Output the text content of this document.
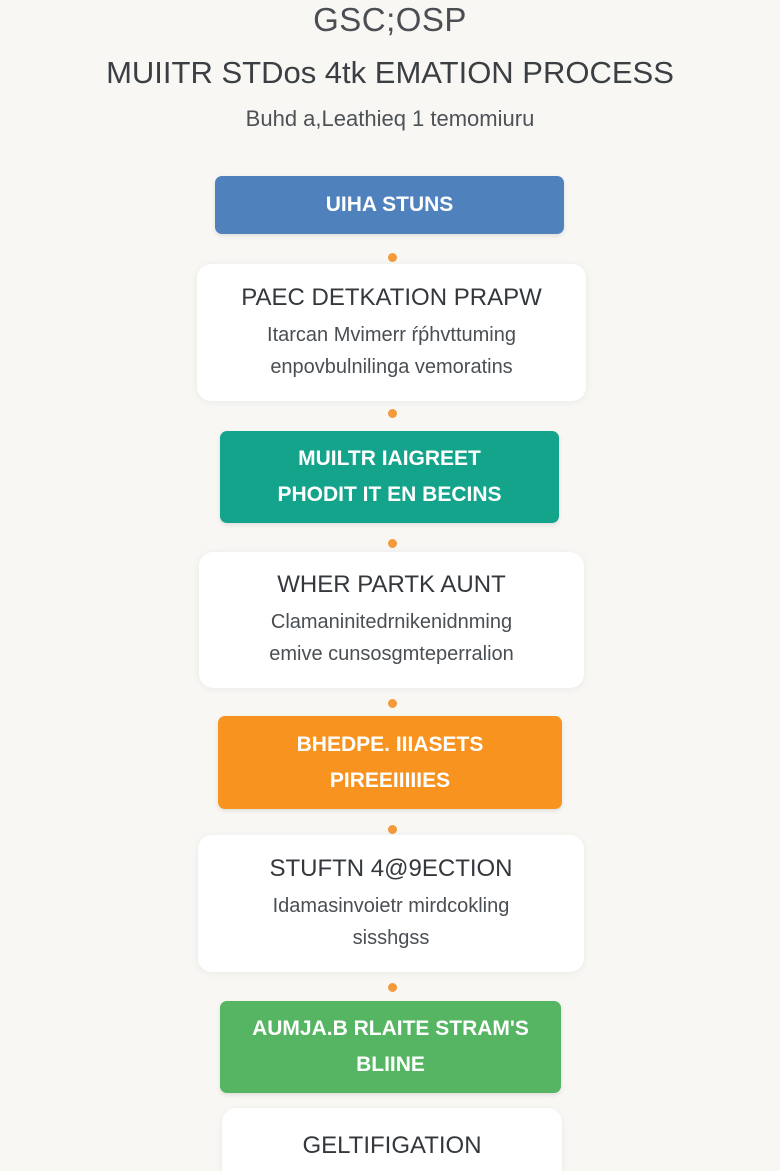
GSC;OSP
MUIITR STDos 4tk EMATION PROCESS
Buhd a,Leathieq 1 temomiuru
UIHA STUNS
PAEC DETKATION PRAPW
Itarcan Mvimerr ŕṕhvttuming
enpovbulnilinga vemoratins
MUILTR IAIGREET
PHODIT IT EN BECINS
WHER PARTK AUNT
Clamaninitedrnikenidnming
emive cunsosgmteperralion
BHEDPE. IIIASETS
PIREEIIIIIES
STUFTN 4@9ECTION
Idamasinvoietr mirdcokling
sisshgss
AUMJA.B RLAITE STRAM'S
BLIINE
GELTIFIGATION
